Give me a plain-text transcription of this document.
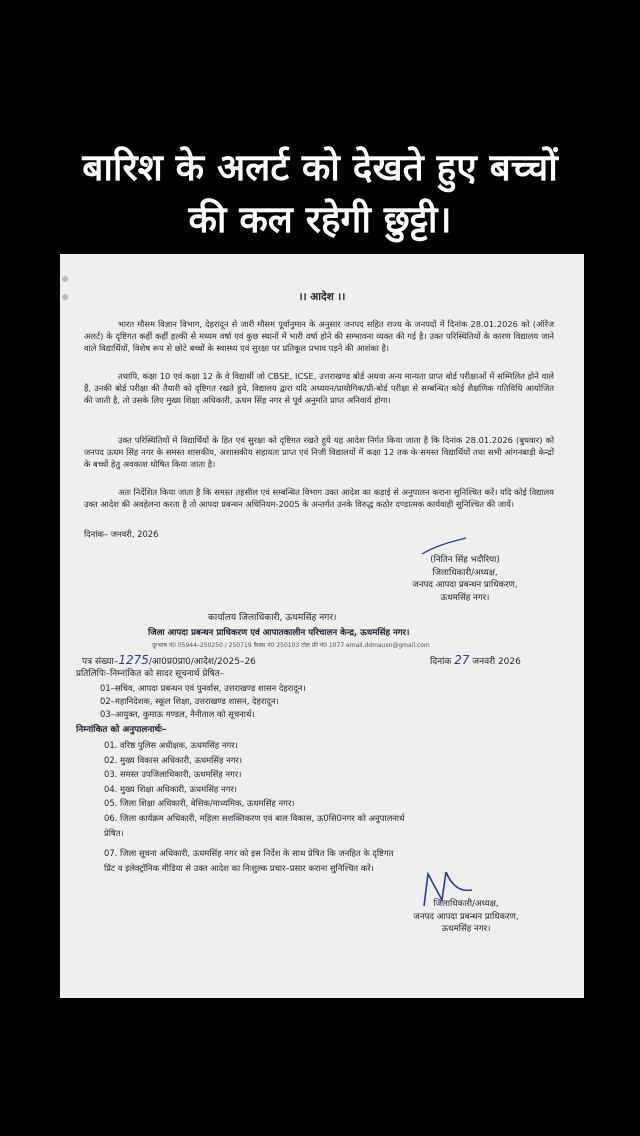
बारिश के अलर्ट को देखते हुए बच्चों
की कल रहेगी छुट्टी।
।। आदेश ।।
भारत मौसम विज्ञान विभाग, देहरादून से जारी मौसम पूर्वानुमान के अनुसार जनपद सहित राज्य के जनपदों में दिनांक 28.01.2026 को (ऑरेंज अलर्ट) के दृष्टिगत कहीं कहीं हल्की से मध्यम वर्षा एवं कुछ स्थानों में भारी वर्षा होने की सम्भावना व्यक्त की गई है। उक्त परिस्थितियों के कारण विद्यालय जाने वाले विद्यार्थियों, विशेष रूप से छोटे बच्चों के स्वास्थ्य एवं सुरक्षा पर प्रतिकूल प्रभाव पड़ने की आशंका है।
तथापि, कक्षा 10 एवं कक्षा 12 के वे विद्यार्थी जो CBSE, ICSE, उत्तराखण्ड बोर्ड अथवा अन्य मान्यता प्राप्त बोर्ड परीक्षाओं में सम्मिलित होने वाले हैं, उनकी बोर्ड परीक्षा की तैयारी को दृष्टिगत रखते हुये, विद्यालय द्वारा यदि अध्ययन/प्रायोगिक/प्री-बोर्ड परीक्षा से सम्बन्धित कोई शैक्षणिक गतिविधि आयोजित की जाती है, तो उसके लिए मुख्य शिक्षा अधिकारी, ऊधम सिंह नगर से पूर्व अनुमति प्राप्त अनिवार्य होगा।
उक्त परिस्थितियों में विद्यार्थियों के हित एवं सुरक्षा को दृष्टिगत रखते हुये यह आदेश निर्गत किया जाता है कि दिनांक 28.01.2026 (बुधवार) को जनपद ऊधम सिंह नगर के समस्त शासकीय, अशासकीय सहायता प्राप्त एवं निजी विद्यालयों में कक्षा 12 तक के समस्त विद्यार्थियों तथा सभी आंगनबाड़ी केन्द्रों के बच्चों हेतु अवकाश घोषित किया जाता है।
अतः निर्देशित किया जाता है कि समस्त तहसील एवं सम्बन्धित विभाग उक्त आदेश का कड़ाई से अनुपालन कराना सुनिश्चित करें। यदि कोई विद्यालय उक्त आदेश की अवहेलना करता है तो आपदा प्रबन्धन अधिनियम-2005 के अन्तर्गत उनके विरुद्ध कठोर दण्डात्मक कार्यवाही सुनिश्चित की जायें।
दिनांक– जनवरी, 2026
(नितिन सिंह भदौरिया)
जिलाधिकारी/अध्यक्ष,
जनपद आपदा प्रबन्धन प्राधिकरण,
ऊधमसिंह नगर।
कार्यालय जिलाधिकारी, ऊधमसिंह नगर।
जिला आपदा प्रबन्धन प्राधिकरण एवं आपातकालीन परिचालन केन्द्र, ऊधमसिंह नगर।
दूरभाष नं0 05944–250250 / 250719 फैक्स नं0 250103 टोल फ्री नं0 1077 email.ddmausn@gmail.com
पत्र संख्या–1275/आ0प्र0प्रा0/आदेश/2025–26	दिनांक 27 जनवरी 2026
प्रतिलिपिः–निम्नांकित को सादर सूचनार्थ प्रेषित–
01–सचिव, आपदा प्रबन्धन एवं पुनर्वास, उत्तराखण्ड शासन देहरादून।
02–महानिदेशक, स्कूल शिक्षा, उत्तराखण्ड शासन, देहरादून।
03–आयुक्त, कुमाऊ मण्डल, नैनीताल को सूचनार्थ।
निम्नांकित को अनुपालनार्थः–
01. वरिष्ठ पुलिस अधीक्षक, ऊधमसिंह नगर।
02. मुख्य विकास अधिकारी, ऊधमसिंह नगर।
03. समस्त उपजिलाधिकारी, ऊधमसिंह नगर।
04. मुख्य शिक्षा अधिकारी, ऊधमसिंह नगर।
05. जिला शिक्षा अधिकारी, बेसिक/माध्यमिक, ऊधमसिंह नगर।
06. जिला कार्यक्रम अधिकारी, महिला सशक्तिकरण एवं बाल विकास, ऊ0सि0नगर को अनुपालनार्थ
प्रेषित।
07. जिला सूचना अधिकारी, ऊधमसिंह नगर को इस निर्देश के साथ प्रेषित कि जनहित के दृष्टिगत
प्रिंट व इलेक्ट्रॉनिक मीडिया से उक्त आदेश का निःशुल्क प्रचार–प्रसार कराना सुनिश्चित करें।
जिलाधिकारी/अध्यक्ष,
जनपद आपदा प्रबन्धन प्राधिकरण,
ऊधमसिंह नगर।
